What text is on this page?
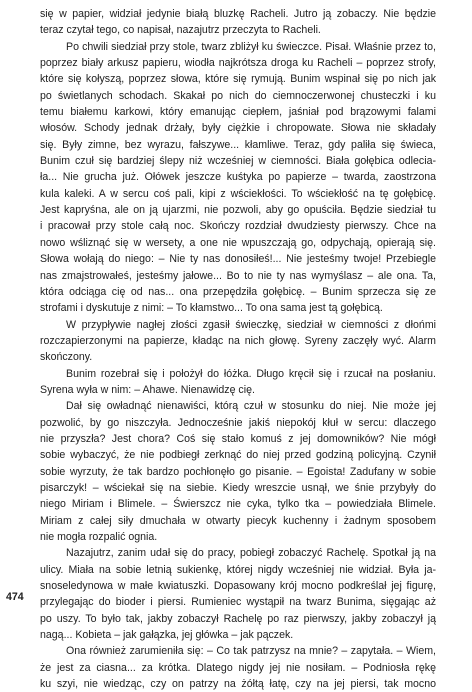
się w papier, widział jedynie białą bluzkę Racheli. Jutro ją zobaczy. Nie będzie
teraz czytał tego, co napisał, nazajutrz przeczyta to Racheli.
Po chwili siedział przy stole, twarz zbliżył ku świeczce. Pisał. Właśnie przez to,
poprzez biały arkusz papieru, wiodła najkrótsza droga ku Racheli – poprzez strofy,
które się kołyszą, poprzez słowa, które się rymują. Bunim wspinał się po nich jak
po świetlanych schodach. Skakał po nich do ciemnoczerwonej chusteczki i ku
temu białemu karkowi, który emanując ciepłem, jaśniał pod brązowymi falami
włosów. Schody jednak drżały, były ciężkie i chropowate. Słowa nie składały
się. Były zimne, bez wyrazu, fałszywe... kłamliwe. Teraz, gdy paliła się świeca,
Bunim czuł się bardziej ślepy niż wcześniej w ciemności. Biała gołębica odlecia-
ła... Nie grucha już. Ołówek jeszcze kuśtyka po papierze – twarda, zaostrzona
kula kaleki. A w sercu coś pali, kipi z wściekłości. To wściekłość na tę gołębicę.
Jest kapryśna, ale on ją ujarzmi, nie pozwoli, aby go opuściła. Będzie siedział tu
i pracował przy stole całą noc. Skończy rozdział dwudziesty pierwszy. Chce na
nowo wśliznąć się w wersety, a one nie wpuszczają go, odpychają, opierają się.
Słowa wołają do niego: – Nie ty nas donosiłeś!... Nie jesteśmy twoje! Przebiegle
nas zmajstrowałeś, jesteśmy jałowe... Bo to nie ty nas wymyślasz – ale ona. Ta,
która odciąga cię od nas... ona przepędziła gołębicę. – Bunim sprzecza się ze
strofami i dyskutuje z nimi: – To kłamstwo... To ona sama jest tą gołębicą.
W przypływie nagłej złości zgasił świeczkę, siedział w ciemności z dłońmi
rozczapierzonymi na papierze, kładąc na nich głowę. Syreny zaczęły wyć. Alarm
skończony.
Bunim rozebrał się i położył do łóżka. Długo kręcił się i rzucał na posłaniu.
Syrena wyła w nim: – Ahawe. Nienawidzę cię.
Dał się owładnąć nienawiści, którą czuł w stosunku do niej. Nie może jej
pozwolić, by go niszczyła. Jednocześnie jakiś niepokój kłuł w sercu: dlaczego
nie przyszła? Jest chora? Coś się stało komuś z jej domowników? Nie mógł
sobie wybaczyć, że nie podbiegł zerknąć do niej przed godziną policyjną. Czynił
sobie wyrzuty, że tak bardzo pochłonęło go pisanie. – Egoista! Zadufany w sobie
pisarczyk! – wściekał się na siebie. Kiedy wreszcie usnął, we śnie przybyły do
niego Miriam i Blimele. – Świerszcz nie cyka, tylko tka – powiedziała Blimele.
Miriam z całej siły dmuchała w otwarty piecyk kuchenny i żadnym sposobem
nie mogła rozpalić ognia.
Nazajutrz, zanim udał się do pracy, pobiegł zobaczyć Rachelę. Spotkał ją na
ulicy. Miała na sobie letnią sukienkę, której nigdy wcześniej nie widział. Była ja-
snoseledynowa w małe kwiatuszki. Dopasowany krój mocno podkreślał jej figurę,
przylegając do bioder i piersi. Rumieniec wystąpił na twarz Bunima, sięgając aż
po uszy. To było tak, jakby zobaczył Rachelę po raz pierwszy, jakby zobaczył ją
nagą... Kobieta – jak gałązka, jej główka – jak pączek.
Ona również zarumieniła się: – Co tak patrzysz na mnie? – zapytała. – Wiem,
że jest za ciasna... za krótka. Dlatego nigdy jej nie nosiłam. – Podniosła rękę
ku szyi, nie wiedząc, czy on patrzy na żółtą łatę, czy na jej piersi, tak mocno
474
